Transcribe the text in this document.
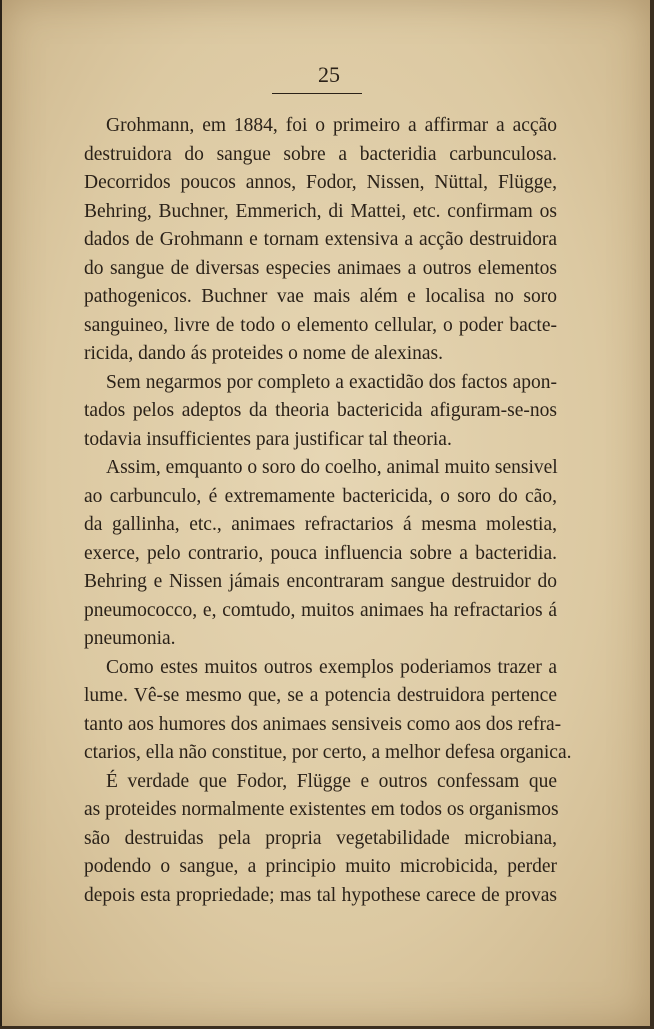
25
Grohmann, em 1884, foi o primeiro a affirmar a acção
destruidora do sangue sobre a bacteridia carbunculosa.
Decorridos poucos annos, Fodor, Nissen, Nüttal, Flügge,
Behring, Buchner, Emmerich, di Mattei, etc. confirmam os
dados de Grohmann e tornam extensiva a acção destruidora
do sangue de diversas especies animaes a outros elementos
pathogenicos. Buchner vae mais além e localisa no soro
sanguineo, livre de todo o elemento cellular, o poder bacte-
ricida, dando ás proteides o nome de alexinas.
Sem negarmos por completo a exactidão dos factos apon-
tados pelos adeptos da theoria bactericida afiguram-se-nos
todavia insufficientes para justificar tal theoria.
Assim, emquanto o soro do coelho, animal muito sensivel
ao carbunculo, é extremamente bactericida, o soro do cão,
da gallinha, etc., animaes refractarios á mesma molestia,
exerce, pelo contrario, pouca influencia sobre a bacteridia.
Behring e Nissen jámais encontraram sangue destruidor do
pneumococco, e, comtudo, muitos animaes ha refractarios á
pneumonia.
Como estes muitos outros exemplos poderiamos trazer a
lume. Vê-se mesmo que, se a potencia destruidora pertence
tanto aos humores dos animaes sensiveis como aos dos refra-
ctarios, ella não constitue, por certo, a melhor defesa organica.
É verdade que Fodor, Flügge e outros confessam que
as proteides normalmente existentes em todos os organismos
são destruidas pela propria vegetabilidade microbiana,
podendo o sangue, a principio muito microbicida, perder
depois esta propriedade; mas tal hypothese carece de provas
